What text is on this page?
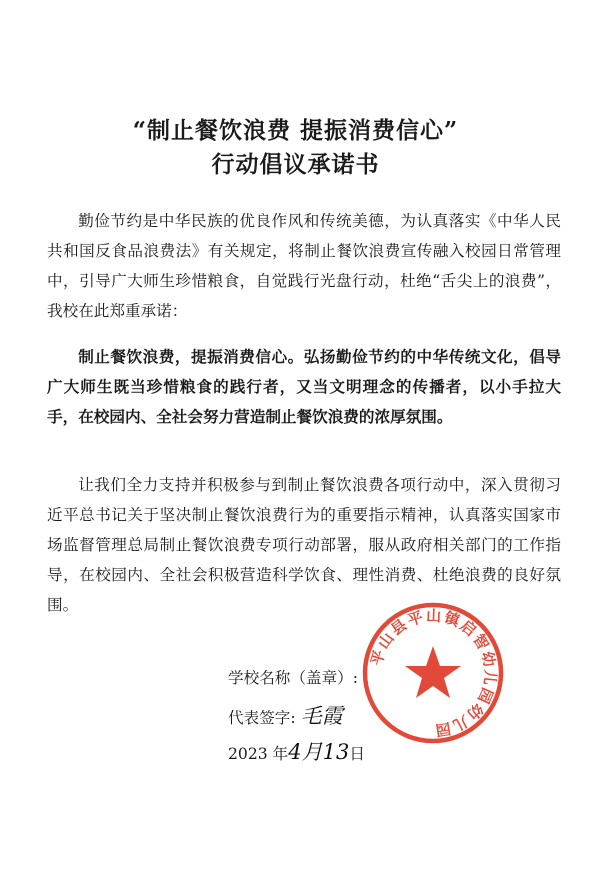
“制止餐饮浪费 提振消费信心”
行动倡议承诺书

勤俭节约是中华民族的优良作风和传统美德，为认真落实《中华人民共和国反食品浪费法》有关规定，将制止餐饮浪费宣传融入校园日常管理中，引导广大师生珍惜粮食，自觉践行光盘行动，杜绝“舌尖上的浪费”，我校在此郑重承诺：

制止餐饮浪费，提振消费信心。弘扬勤俭节约的中华传统文化，倡导广大师生既当珍惜粮食的践行者，又当文明理念的传播者，以小手拉大手，在校园内、全社会努力营造制止餐饮浪费的浓厚氛围。

让我们全力支持并积极参与到制止餐饮浪费各项行动中，深入贯彻习近平总书记关于坚决制止餐饮浪费行为的重要指示精神，认真落实国家市场监督管理总局制止餐饮浪费专项行动部署，服从政府相关部门的工作指导，在校园内、全社会积极营造科学饮食、理性消费、杜绝浪费的良好氛围。

平山县平山镇启智幼儿园幼儿园
学校名称（盖章）:
代表签字: 毛霞
2023 年4月13日
